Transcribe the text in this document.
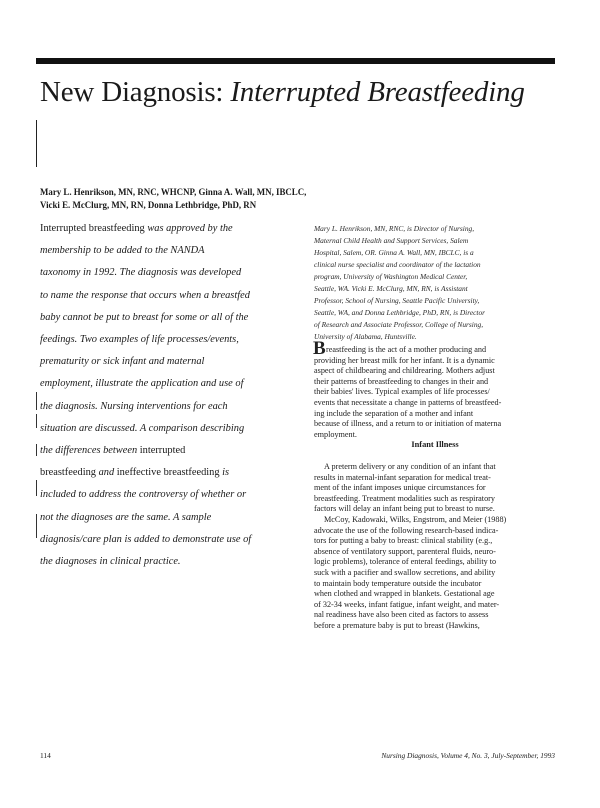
New Diagnosis: Interrupted Breastfeeding
Mary L. Henrikson, MN, RNC, WHCNP, Ginna A. Wall, MN, IBCLC,
Vicki E. McClurg, MN, RN, Donna Lethbridge, PhD, RN
Interrupted breastfeeding was approved by the
membership to be added to the NANDA
taxonomy in 1992. The diagnosis was developed
to name the response that occurs when a breastfed
baby cannot be put to breast for some or all of the
feedings. Two examples of life processes/events,
prematurity or sick infant and maternal
employment, illustrate the application and use of
the diagnosis. Nursing interventions for each
situation are discussed. A comparison describing
the differences between interrupted
breastfeeding and ineffective breastfeeding is
included to address the controversy of whether or
not the diagnoses are the same. A sample
diagnosis/care plan is added to demonstrate use of
the diagnoses in clinical practice.
Mary L. Henrikson, MN, RNC, is Director of Nursing,
Maternal Child Health and Support Services, Salem
Hospital, Salem, OR. Ginna A. Wall, MN, IBCLC, is a
clinical nurse specialist and coordinator of the lactation
program, University of Washington Medical Center,
Seattle, WA. Vicki E. McClurg, MN, RN, is Assistant
Professor, School of Nursing, Seattle Pacific University,
Seattle, WA, and Donna Lethbridge, PhD, RN, is Director
of Research and Associate Professor, College of Nursing,
University of Alabama, Huntsville.
B reastfeeding is the act of a mother producing and
providing her breast milk for her infant. It is a dynamic
aspect of childbearing and childrearing. Mothers adjust
their patterns of breastfeeding to changes in their and
their babies' lives. Typical examples of life processes/
events that necessitate a change in patterns of breastfeed-
ing include the separation of a mother and infant
because of illness, and a return to or initiation of materna
employment.
Infant Illness
A preterm delivery or any condition of an infant that
results in maternal-infant separation for medical treat-
ment of the infant imposes unique circumstances for
breastfeeding. Treatment modalities such as respiratory
factors will delay an infant being put to breast to nurse.
McCoy, Kadowaki, Wilks, Engstrom, and Meier (1988)
advocate the use of the following research-based indica-
tors for putting a baby to breast: clinical stability (e.g.,
absence of ventilatory support, parenteral fluids, neuro-
logic problems), tolerance of enteral feedings, ability to
suck with a pacifier and swallow secretions, and ability
to maintain body temperature outside the incubator
when clothed and wrapped in blankets. Gestational age
of 32-34 weeks, infant fatigue, infant weight, and mater-
nal readiness have also been cited as factors to assess
before a premature baby is put to breast (Hawkins,
114	Nursing Diagnosis, Volume 4, No. 3, July-September, 1993
